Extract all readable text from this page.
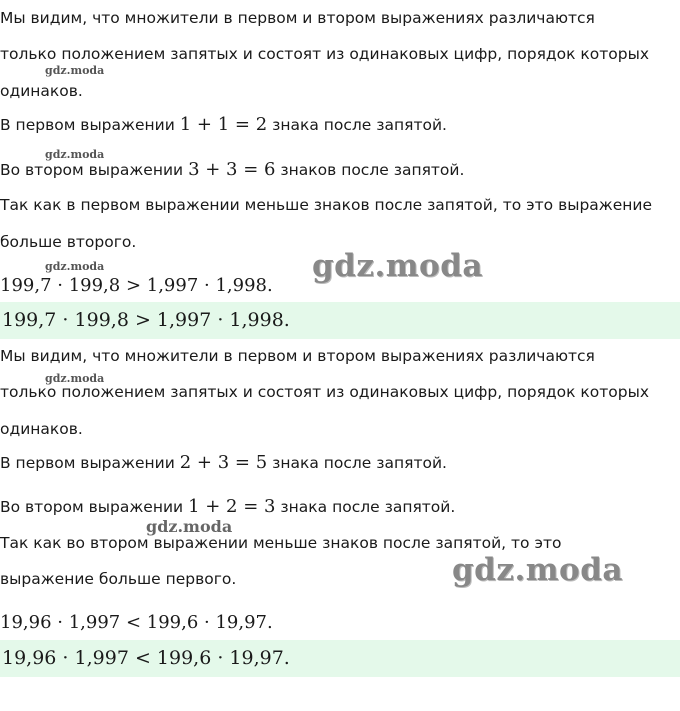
Мы видим, что множители в первом и втором выражениях различаются
только положением запятых и состоят из одинаковых цифр, порядок которых
одинаков.
В первом выражении 1 + 1 = 2 знака после запятой.
Во втором выражении 3 + 3 = 6 знаков после запятой.
Так как в первом выражении меньше знаков после запятой, то это выражение
больше второго.
199,7 · 199,8 > 1,997 · 1,998.
199,7 · 199,8 > 1,997 · 1,998.
Мы видим, что множители в первом и втором выражениях различаются
только положением запятых и состоят из одинаковых цифр, порядок которых
одинаков.
В первом выражении 2 + 3 = 5 знака после запятой.
Во втором выражении 1 + 2 = 3 знака после запятой.
Так как во втором выражении меньше знаков после запятой, то это
выражение больше первого.
19,96 · 1,997 < 199,6 · 19,97.
19,96 · 1,997 < 199,6 · 19,97.
gdz.moda
gdz.moda
gdz.moda
gdz.moda
gdz.moda
gdz.moda
gdz.moda
